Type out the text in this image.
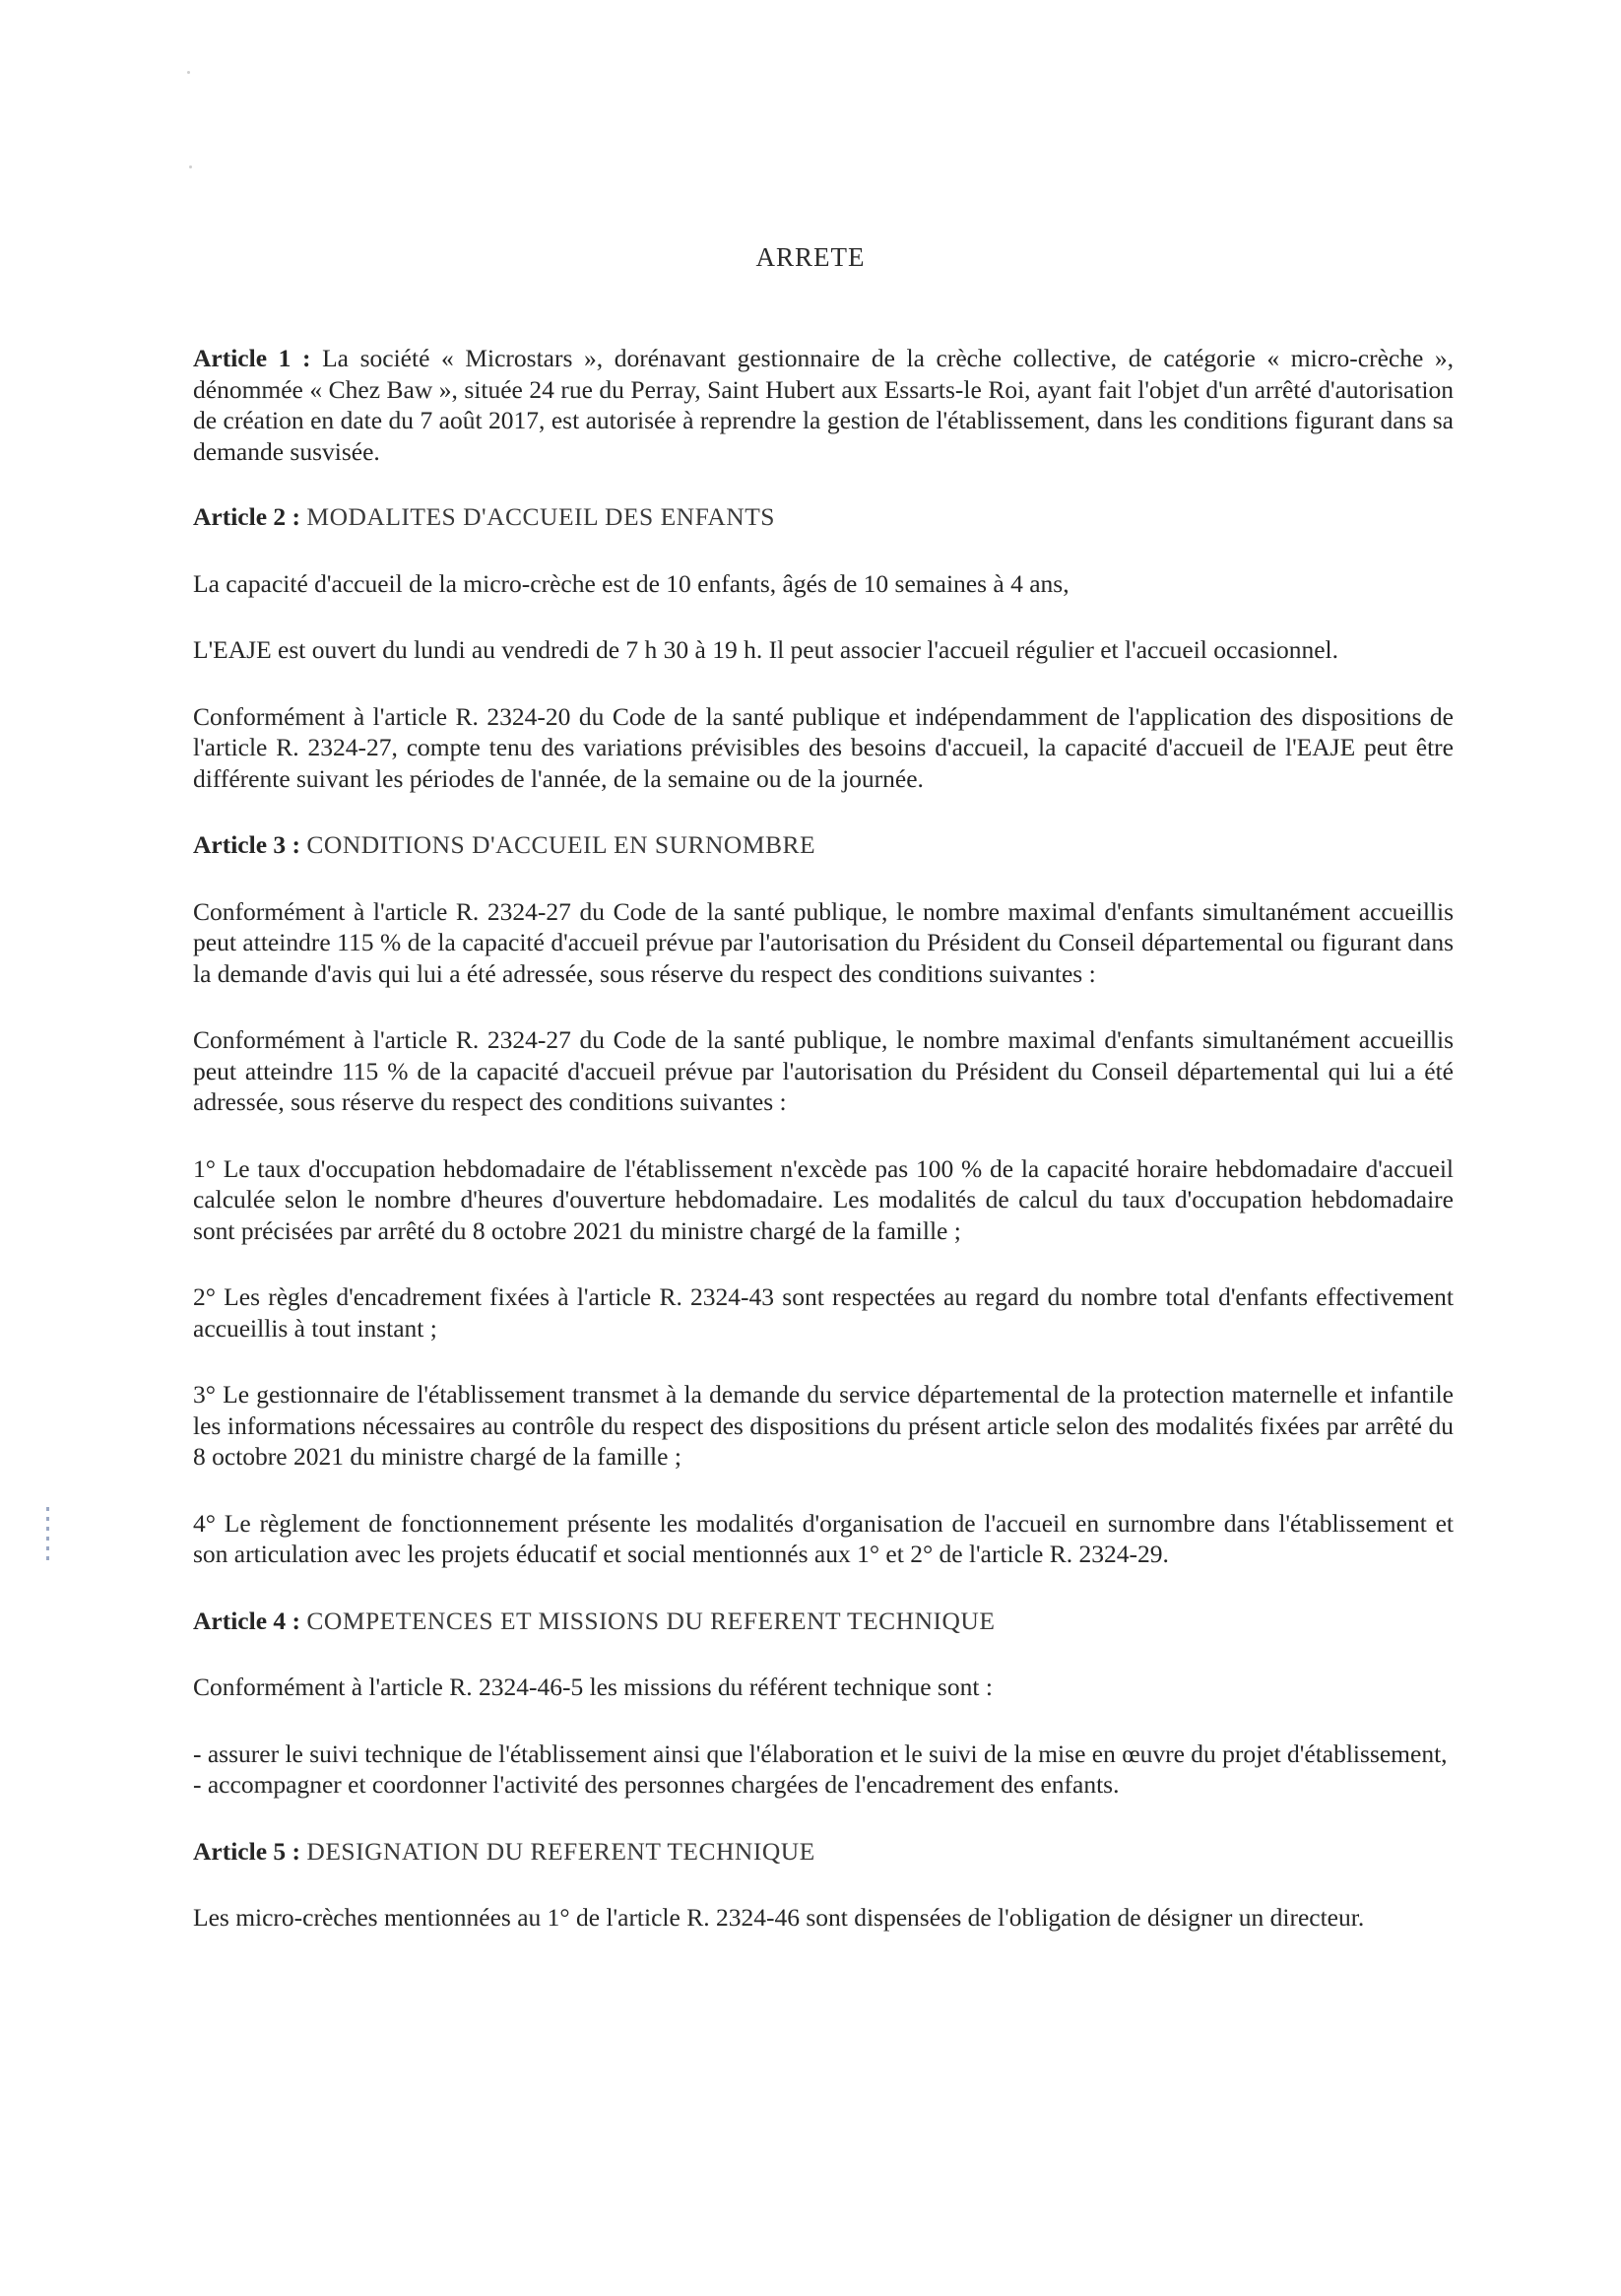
ARRETE

Article 1 : La société « Microstars », dorénavant gestionnaire de la crèche collective, de catégorie « micro-crèche », dénommée « Chez Baw », située 24 rue du Perray, Saint Hubert aux Essarts-le Roi, ayant fait l'objet d'un arrêté d'autorisation de création en date du 7 août 2017, est autorisée à reprendre la gestion de l'établissement, dans les conditions figurant dans sa demande susvisée.

Article 2 : MODALITES D'ACCUEIL DES ENFANTS

La capacité d'accueil de la micro-crèche est de 10 enfants, âgés de 10 semaines à 4 ans,

L'EAJE est ouvert du lundi au vendredi de 7 h 30 à 19 h. Il peut associer l'accueil régulier et l'accueil occasionnel.

Conformément à l'article R. 2324-20 du Code de la santé publique et indépendamment de l'application des dispositions de l'article R. 2324-27, compte tenu des variations prévisibles des besoins d'accueil, la capacité d'accueil de l'EAJE peut être différente suivant les périodes de l'année, de la semaine ou de la journée.

Article 3 : CONDITIONS D'ACCUEIL EN SURNOMBRE

Conformément à l'article R. 2324-27 du Code de la santé publique, le nombre maximal d'enfants simultanément accueillis peut atteindre 115 % de la capacité d'accueil prévue par l'autorisation du Président du Conseil départemental ou figurant dans la demande d'avis qui lui a été adressée, sous réserve du respect des conditions suivantes :

Conformément à l'article R. 2324-27 du Code de la santé publique, le nombre maximal d'enfants simultanément accueillis peut atteindre 115 % de la capacité d'accueil prévue par l'autorisation du Président du Conseil départemental qui lui a été adressée, sous réserve du respect des conditions suivantes :

1° Le taux d'occupation hebdomadaire de l'établissement n'excède pas 100 % de la capacité horaire hebdomadaire d'accueil calculée selon le nombre d'heures d'ouverture hebdomadaire. Les modalités de calcul du taux d'occupation hebdomadaire sont précisées par arrêté du 8 octobre 2021 du ministre chargé de la famille ;

2° Les règles d'encadrement fixées à l'article R. 2324-43 sont respectées au regard du nombre total d'enfants effectivement accueillis à tout instant ;

3° Le gestionnaire de l'établissement transmet à la demande du service départemental de la protection maternelle et infantile les informations nécessaires au contrôle du respect des dispositions du présent article selon des modalités fixées par arrêté du 8 octobre 2021 du ministre chargé de la famille ;

4° Le règlement de fonctionnement présente les modalités d'organisation de l'accueil en surnombre dans l'établissement et son articulation avec les projets éducatif et social mentionnés aux 1° et 2° de l'article R. 2324-29.

Article 4 : COMPETENCES ET MISSIONS DU REFERENT TECHNIQUE

Conformément à l'article R. 2324-46-5 les missions du référent technique sont :

- assurer le suivi technique de l'établissement ainsi que l'élaboration et le suivi de la mise en œuvre du projet d'établissement,

- accompagner et coordonner l'activité des personnes chargées de l'encadrement des enfants.

Article 5 : DESIGNATION DU REFERENT TECHNIQUE

Les micro-crèches mentionnées au 1° de l'article R. 2324-46 sont dispensées de l'obligation de désigner un directeur.
